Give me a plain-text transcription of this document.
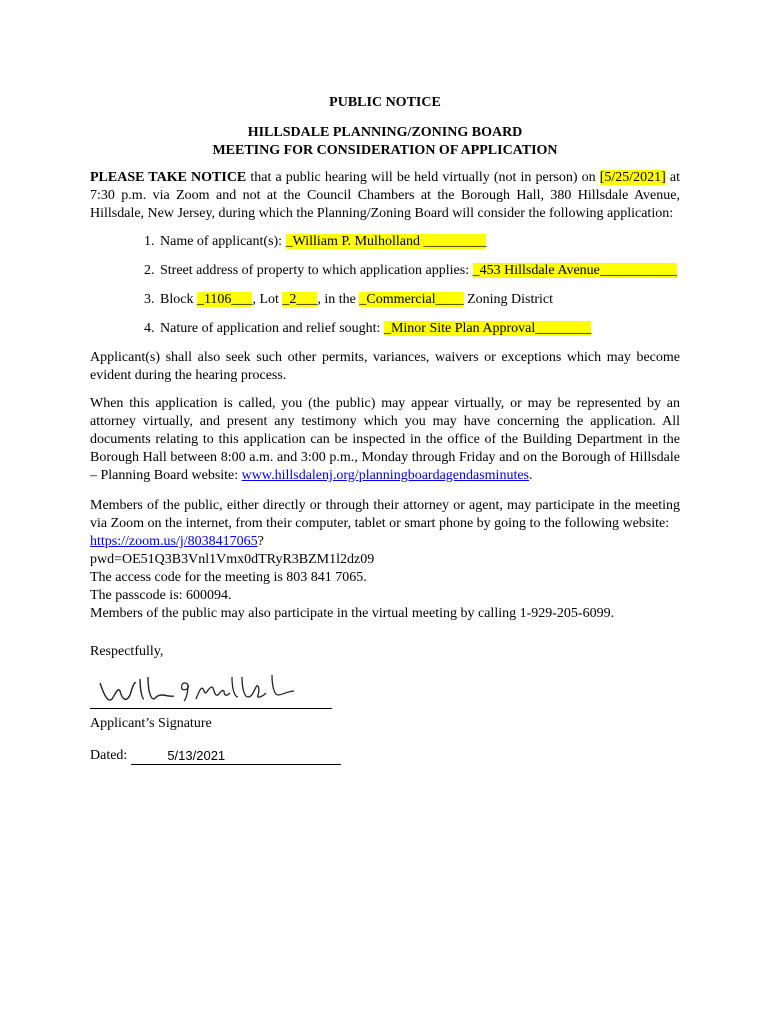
PUBLIC NOTICE
HILLSDALE PLANNING/ZONING BOARD
MEETING FOR CONSIDERATION OF APPLICATION

PLEASE TAKE NOTICE that a public hearing will be held virtually (not in person) on [5/25/2021] at 7:30 p.m. via Zoom and not at the Council Chambers at the Borough Hall, 380 Hillsdale Avenue, Hillsdale, New Jersey, during which the Planning/Zoning Board will consider the following application:

1. Name of applicant(s): _William P. Mulholland _________
2. Street address of property to which application applies: _453 Hillsdale Avenue___________
3. Block _1106___, Lot _2___, in the _Commercial____ Zoning District
4. Nature of application and relief sought: _Minor Site Plan Approval________

Applicant(s) shall also seek such other permits, variances, waivers or exceptions which may become evident during the hearing process.

When this application is called, you (the public) may appear virtually, or may be represented by an attorney virtually, and present any testimony which you may have concerning the application. All documents relating to this application can be inspected in the office of the Building Department in the Borough Hall between 8:00 a.m. and 3:00 p.m., Monday through Friday and on the Borough of Hillsdale – Planning Board website: www.hillsdalenj.org/planningboardagendasminutes.

Members of the public, either directly or through their attorney or agent, may participate in the meeting via Zoom on the internet, from their computer, tablet or smart phone by going to the following website:

https://zoom.us/j/8038417065?

pwd=OE51Q3B3Vnl1Vmx0dTRyR3BZM1l2dz09

The access code for the meeting is 803 841 7065.

The passcode is: 600094.

Members of the public may also participate in the virtual meeting by calling 1-929-205-6099.

Respectfully,
Applicant’s Signature
Dated:	5/13/2021
